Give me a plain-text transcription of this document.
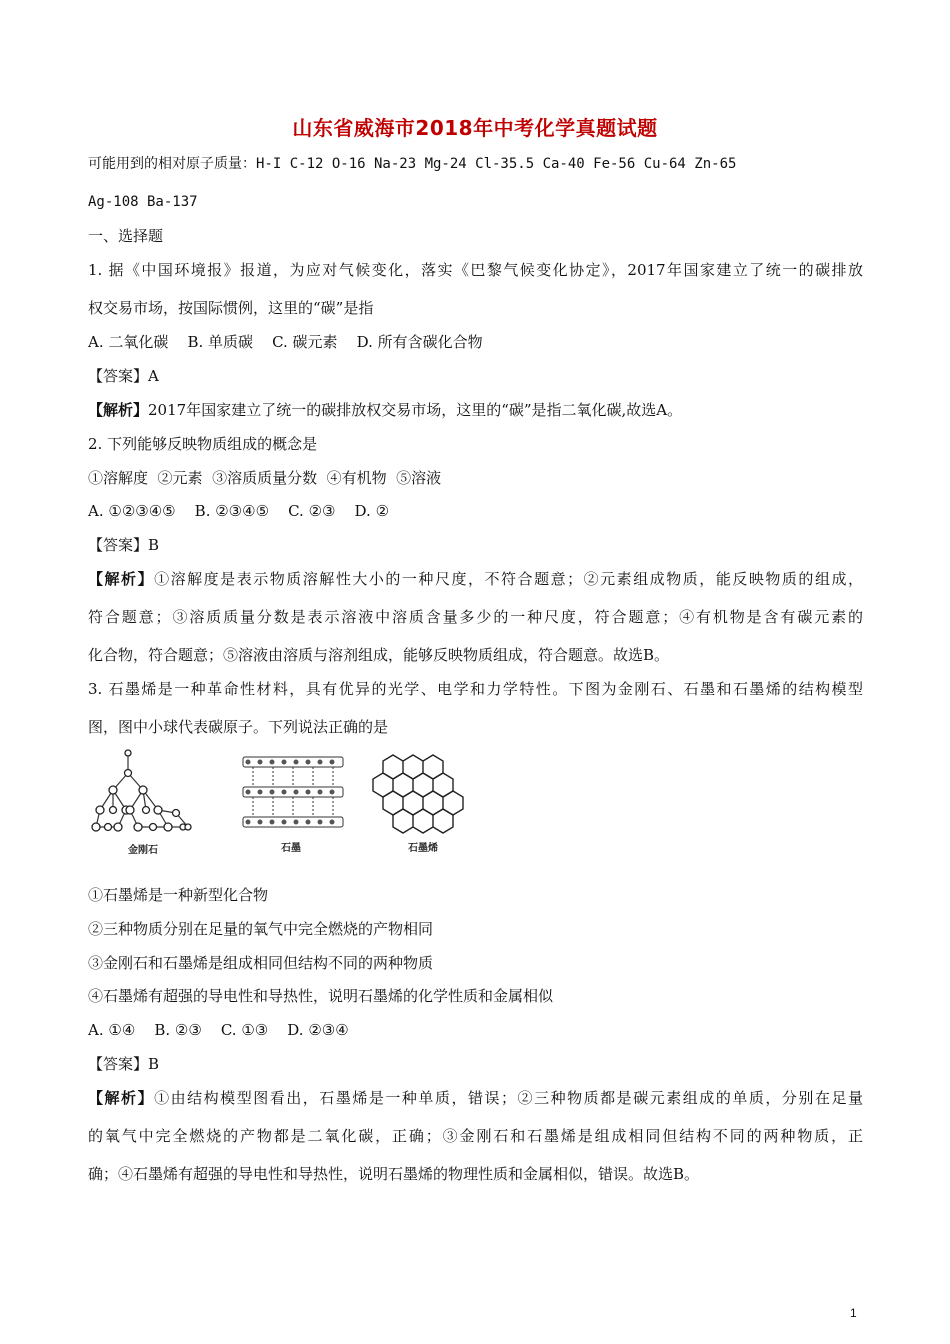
山东省威海市2018年中考化学真题试题
可能用到的相对原子质量：H-I C-12 O-16 Na-23 Mg-24 Cl-35.5 Ca-40 Fe-56 Cu-64 Zn-65
Ag-108 Ba-137
一、选择题
1. 据《中国环境报》报道，为应对气候变化，落实《巴黎气候变化协定》，2017年国家建立了统一的碳排放
权交易市场，按国际惯例，这里的“碳”是指
A. 二氧化碳    B. 单质碳    C. 碳元素    D. 所有含碳化合物
【答案】A
【解析】2017年国家建立了统一的碳排放权交易市场，这里的“碳”是指二氧化碳,故选A。
2. 下列能够反映物质组成的概念是
①溶解度  ②元素  ③溶质质量分数  ④有机物  ⑤溶液
A. ①②③④⑤    B. ②③④⑤    C. ②③    D. ②
【答案】B
【解析】①溶解度是表示物质溶解性大小的一种尺度，不符合题意；②元素组成物质，能反映物质的组成，
符合题意；③溶质质量分数是表示溶液中溶质含量多少的一种尺度，符合题意；④有机物是含有碳元素的
化合物，符合题意；⑤溶液由溶质与溶剂组成，能够反映物质组成，符合题意。故选B。
3. 石墨烯是一种革命性材料，具有优异的光学、电学和力学特性。下图为金刚石、石墨和石墨烯的结构模型
图，图中小球代表碳原子。下列说法正确的是
金刚石	石墨	石墨烯
①石墨烯是一种新型化合物
②三种物质分别在足量的氧气中完全燃烧的产物相同
③金刚石和石墨烯是组成相同但结构不同的两种物质
④石墨烯有超强的导电性和导热性，说明石墨烯的化学性质和金属相似
A. ①④    B. ②③    C. ①③    D. ②③④
【答案】B
【解析】①由结构模型图看出，石墨烯是一种单质，错误；②三种物质都是碳元素组成的单质，分别在足量
的氧气中完全燃烧的产物都是二氧化碳，正确；③金刚石和石墨烯是组成相同但结构不同的两种物质，正
确；④石墨烯有超强的导电性和导热性，说明石墨烯的物理性质和金属相似，错误。故选B。
1
